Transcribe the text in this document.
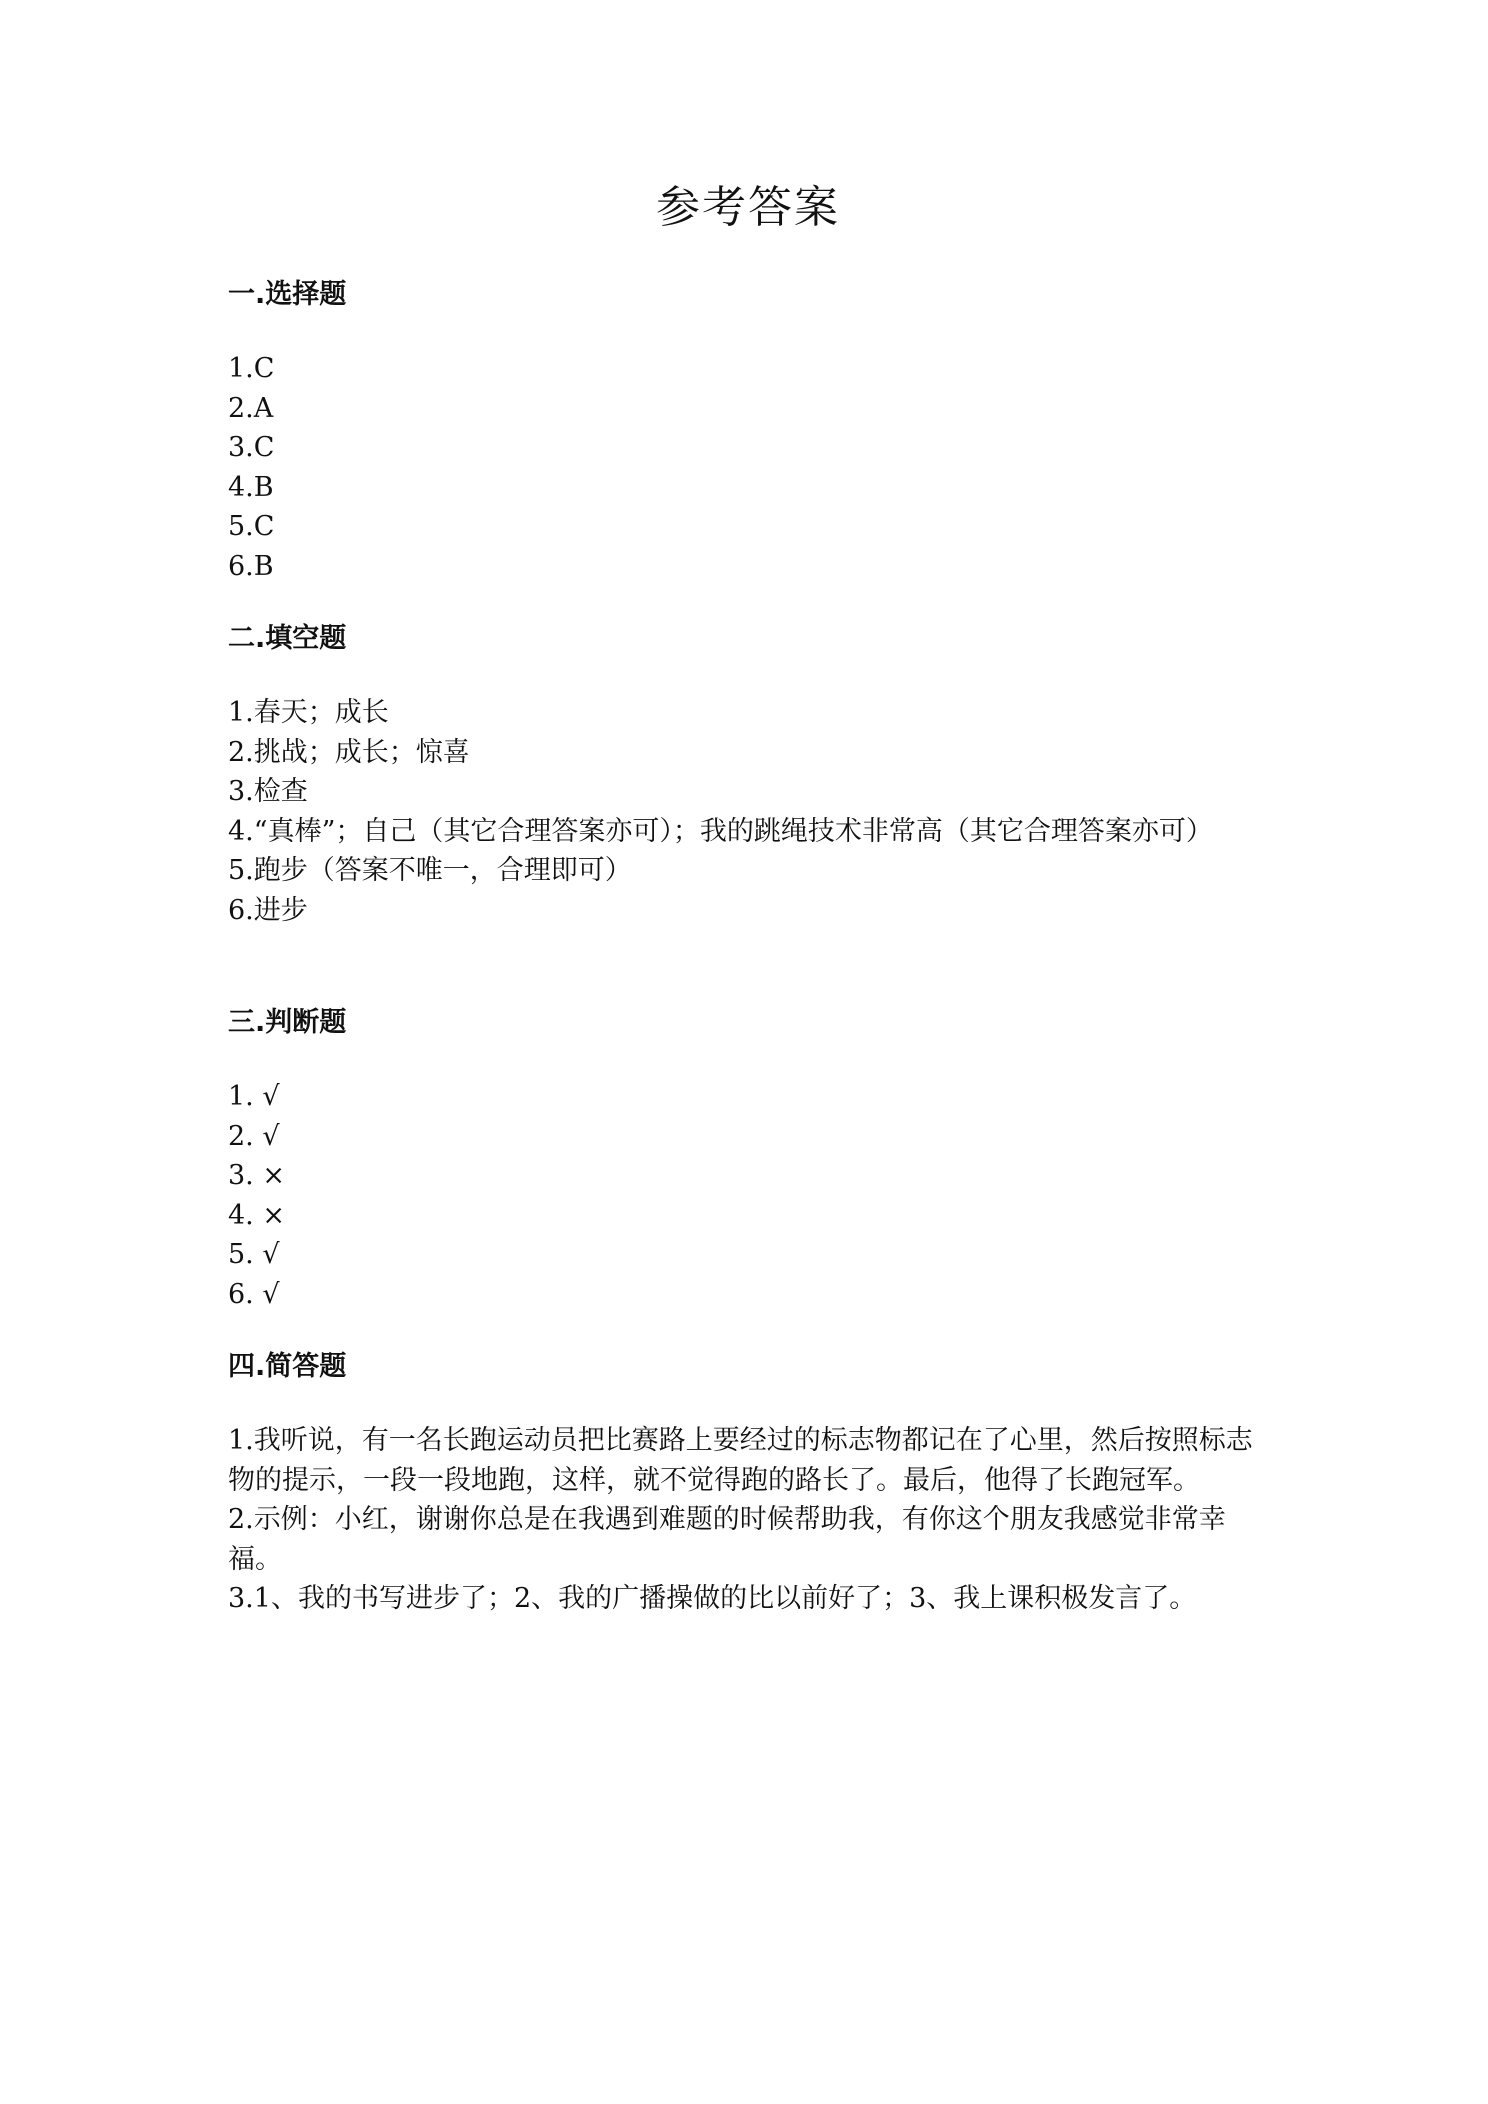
参考答案
一.选择题
1.C
2.A
3.C
4.B
5.C
6.B
二.填空题
1.春天；成长
2.挑战；成长；惊喜
3.检查
4.“真棒”；自己（其它合理答案亦可）；我的跳绳技术非常高（其它合理答案亦可）
5.跑步（答案不唯一，合理即可）
6.进步
三.判断题
1. √
2. √
3. ×
4. ×
5. √
6. √
四.简答题
1.我听说，有一名长跑运动员把比赛路上要经过的标志物都记在了心里，然后按照标志物的提示，一段一段地跑，这样，就不觉得跑的路长了。最后，他得了长跑冠军。
2.示例：小红，谢谢你总是在我遇到难题的时候帮助我，有你这个朋友我感觉非常幸福。
3.1、我的书写进步了；2、我的广播操做的比以前好了；3、我上课积极发言了。
